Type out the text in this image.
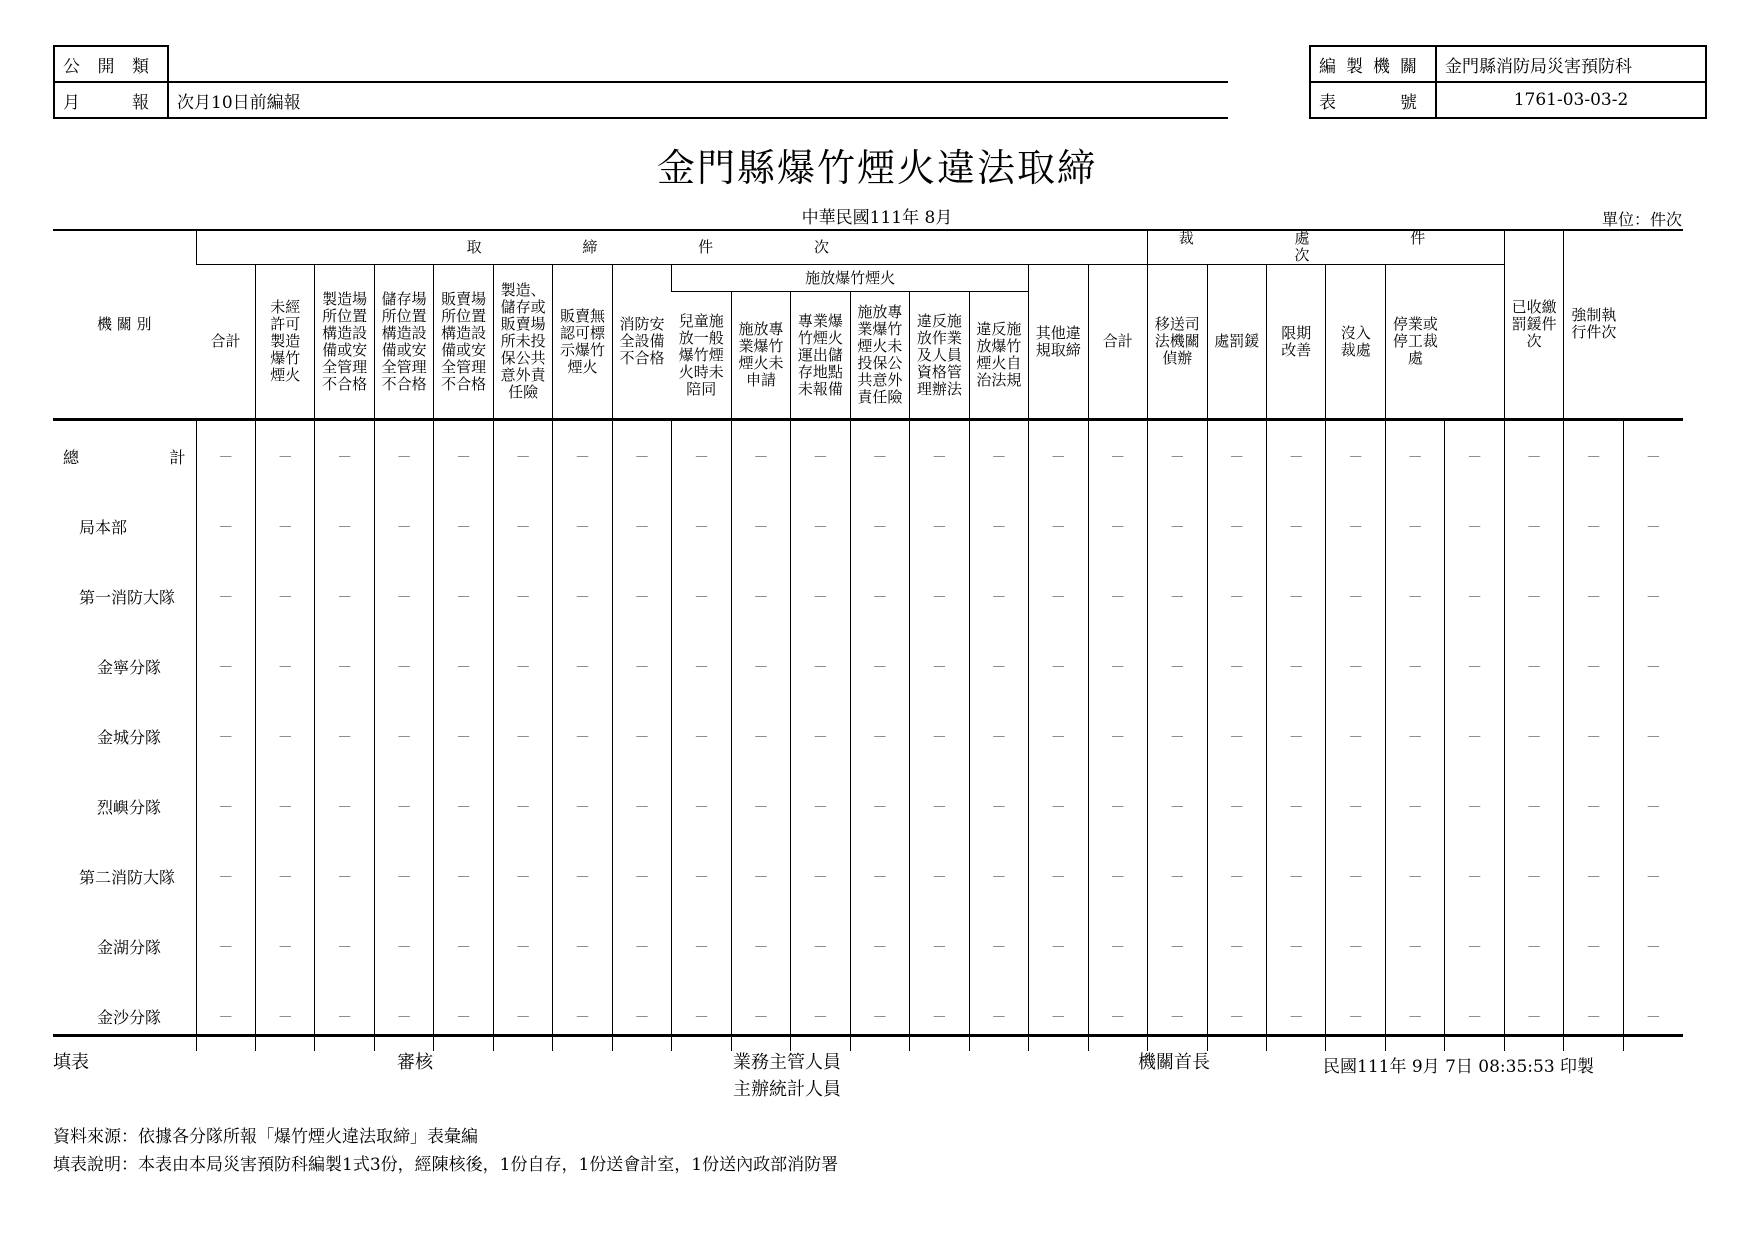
公開類	
月報	次月10日前編報
編製機關	金門縣消防局災害預防科
表號	1761-03-03-2
金門縣爆竹煙火違法取締
中華民國111年 8月	單位：件次
機 關 別	取 締 件 次																裁 處 件 次						已收繳罰鍰件次	強制執行件次	
	合計	未經許可製造爆竹煙火	製造場所位置構造設備或安全管理不合格	儲存場所位置構造設備或安全管理不合格	販賣場所位置構造設備或安全管理不合格	製造、儲存或販賣場所未投保公共意外責任險	販賣無認可標示爆竹煙火	消防安全設備不合格	施放爆竹煙火						其他違規取締	合計	移送司法機關偵辦	處罰鍰	限期改善	沒入裁處	停業或停工裁處				
									兒童施放一般爆竹煙火時未陪同	施放專業爆竹煙火未申請	專業爆竹煙火運出儲存地點未報備	施放專業爆竹煙火未投保公共意外責任險	違反施放作業及人員資格管理辦法	違反施放爆竹煙火自治法規											

總 計	－	－	－	－	－	－	－	－	－	－	－	－	－	－	－	－	－	－	－	－	－	－	－	－	－
局本部	－	－	－	－	－	－	－	－	－	－	－	－	－	－	－	－	－	－	－	－	－	－	－	－	－
第一消防大隊	－	－	－	－	－	－	－	－	－	－	－	－	－	－	－	－	－	－	－	－	－	－	－	－	－
金寧分隊	－	－	－	－	－	－	－	－	－	－	－	－	－	－	－	－	－	－	－	－	－	－	－	－	－
金城分隊	－	－	－	－	－	－	－	－	－	－	－	－	－	－	－	－	－	－	－	－	－	－	－	－	－
烈嶼分隊	－	－	－	－	－	－	－	－	－	－	－	－	－	－	－	－	－	－	－	－	－	－	－	－	－
第二消防大隊	－	－	－	－	－	－	－	－	－	－	－	－	－	－	－	－	－	－	－	－	－	－	－	－	－
金湖分隊	－	－	－	－	－	－	－	－	－	－	－	－	－	－	－	－	－	－	－	－	－	－	－	－	－
金沙分隊	－	－	－	－	－	－	－	－	－	－	－	－	－	－	－	－	－	－	－	－	－	－	－	－	－
填表	審核	業務主管人員
主辦統計人員
機關首長	民國111年 9月 7日 08:35:53 印製
資料來源：依據各分隊所報「爆竹煙火違法取締」表彙編
填表說明：本表由本局災害預防科編製1式3份，經陳核後，1份自存，1份送會計室，1份送內政部消防署
